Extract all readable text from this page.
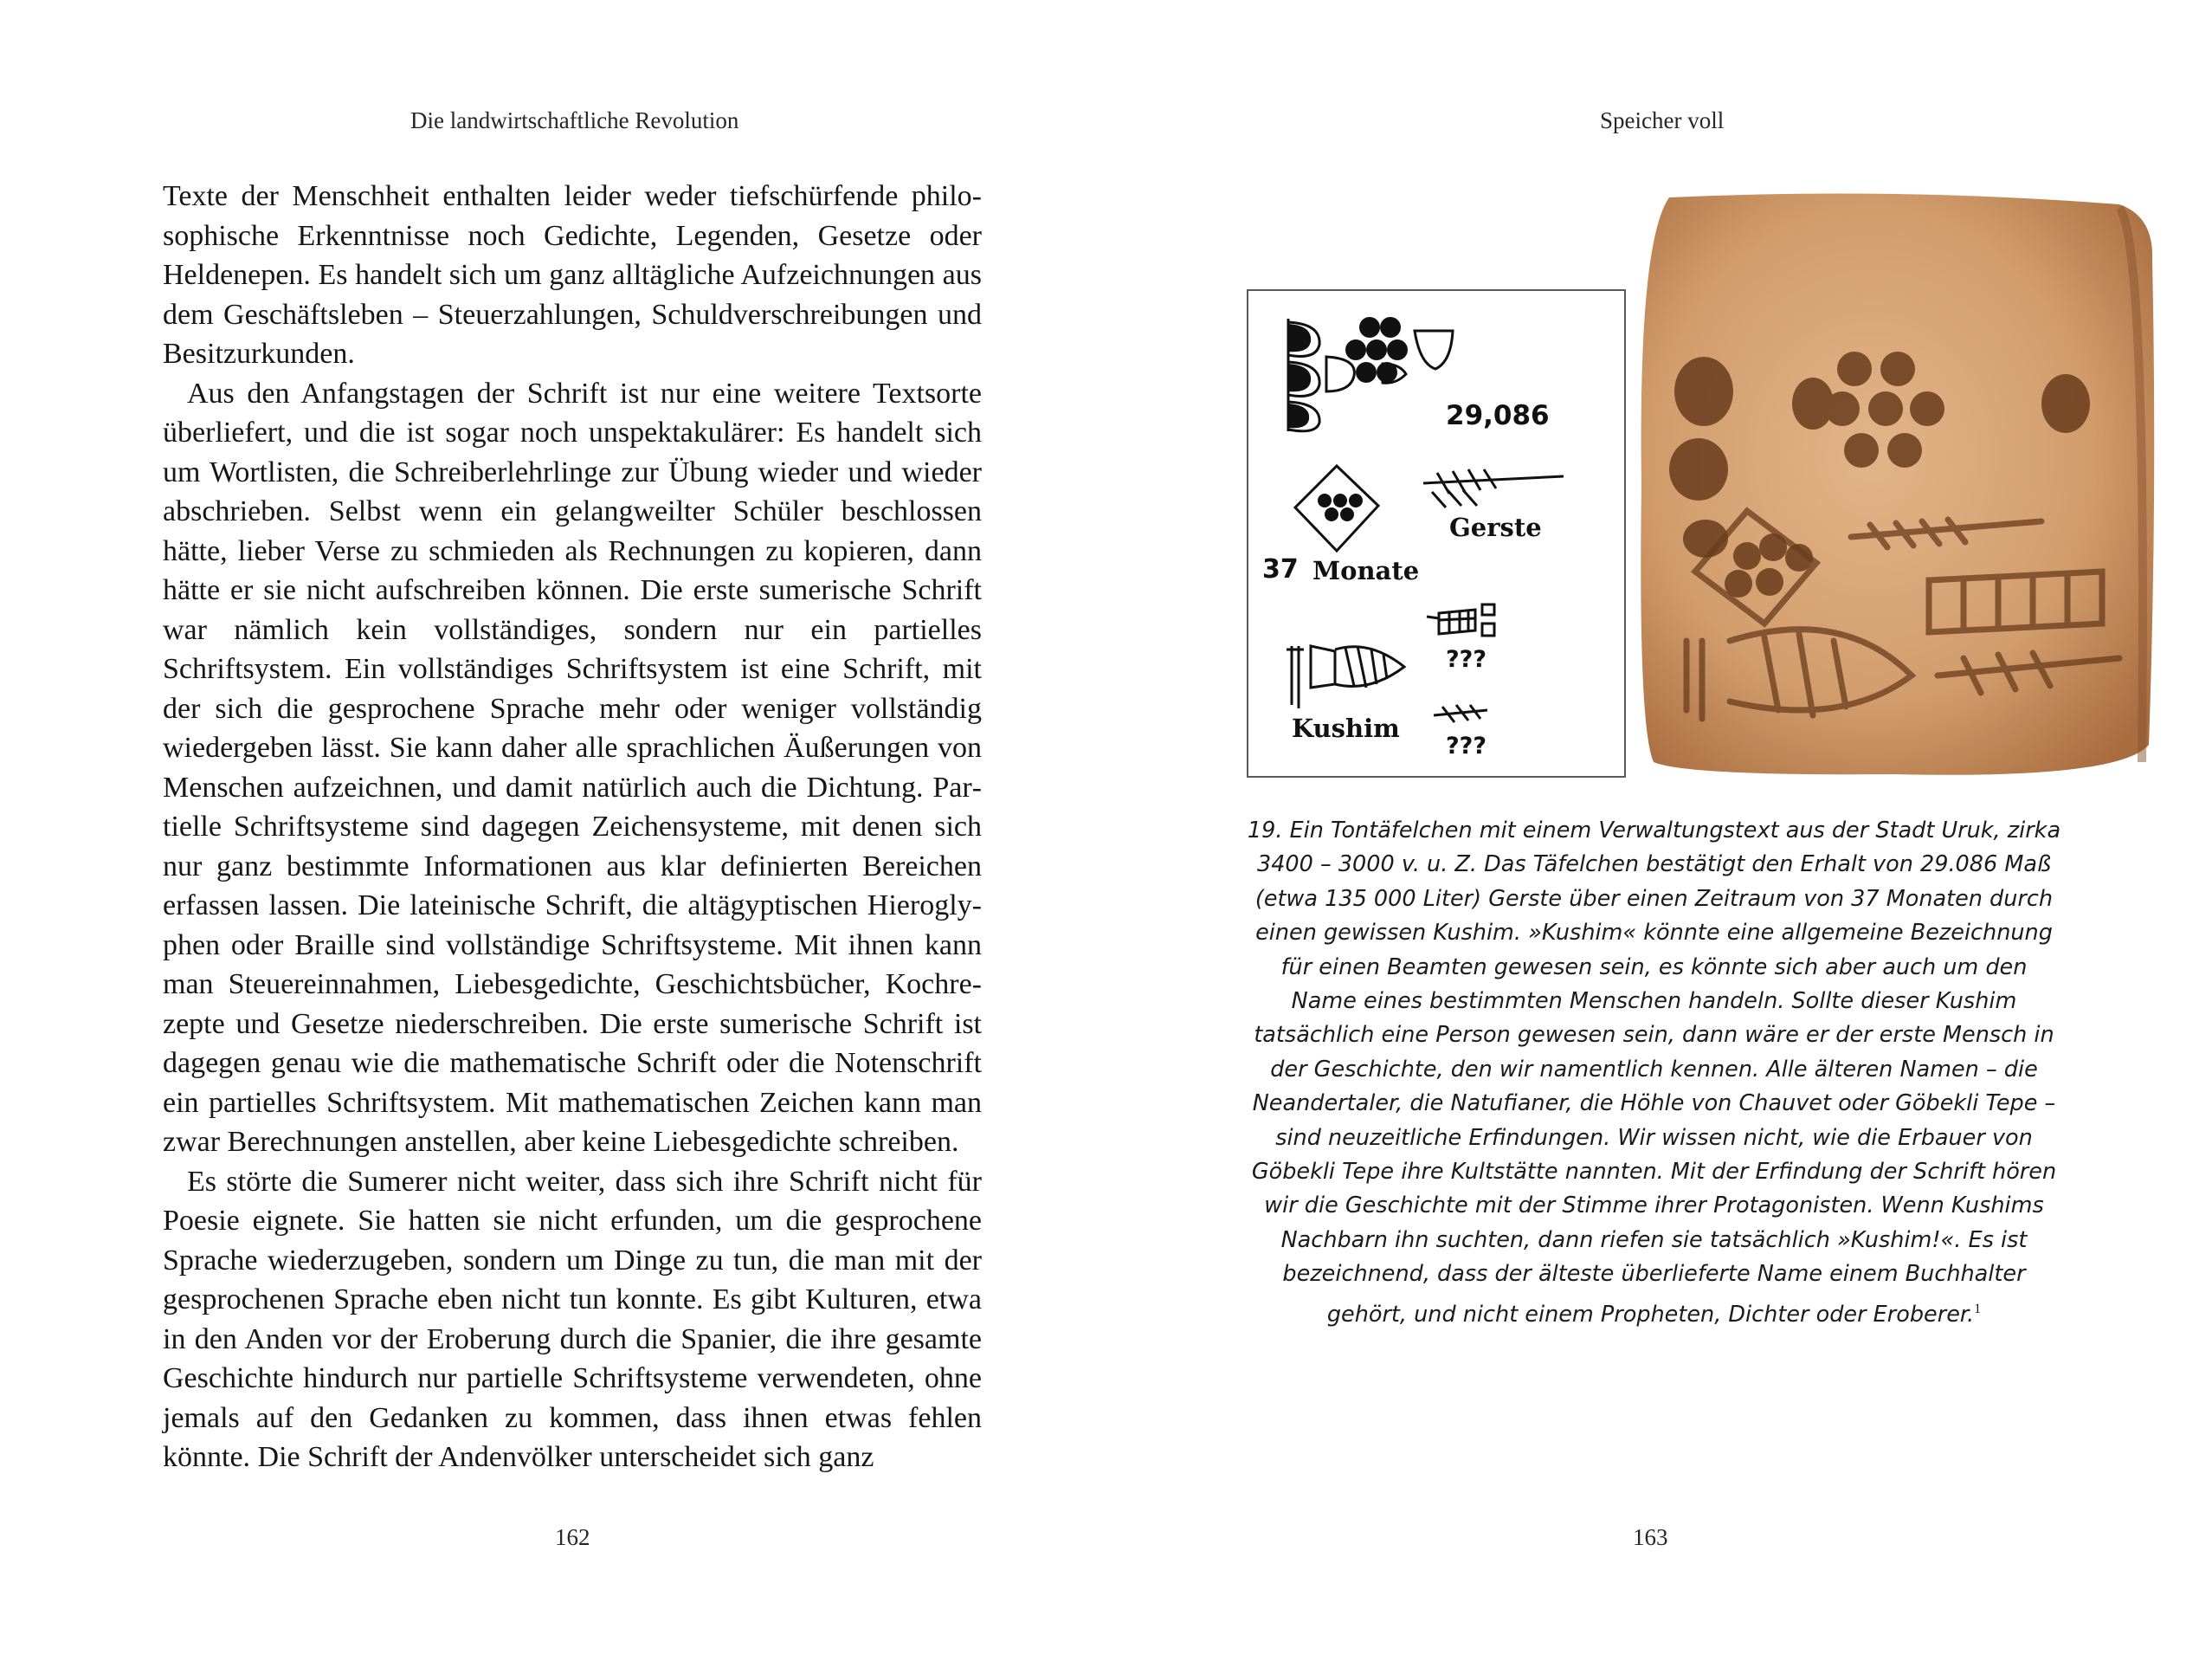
Die landwirtschaftliche Revolution

Texte der Menschheit enthalten leider weder tiefschürfende philosophische Erkenntnisse noch Gedichte, Legenden, Gesetze oder Heldenepen. Es handelt sich um ganz alltägliche Aufzeichnungen aus dem Geschäftsleben – Steuerzahlungen, Schuldverschreibungen und Besitzurkunden.

Aus den Anfangstagen der Schrift ist nur eine weitere Textsorte überliefert, und die ist sogar noch unspektakulärer: Es handelt sich um Wortlisten, die Schreiberlehrlinge zur Übung wieder und wieder abschrieben. Selbst wenn ein gelangweilter Schüler beschlossen hätte, lieber Verse zu schmieden als Rechnungen zu kopieren, dann hätte er sie nicht aufschreiben können. Die erste sumerische Schrift war nämlich kein vollständiges, sondern nur ein partielles Schriftsystem. Ein vollständiges Schriftsystem ist eine Schrift, mit der sich die gesprochene Sprache mehr oder weniger vollständig wiedergeben lässt. Sie kann daher alle sprachlichen Äußerungen von Menschen aufzeichnen, und damit natürlich auch die Dichtung. Partielle Schriftsysteme sind dagegen Zeichensysteme, mit denen sich nur ganz bestimmte Informationen aus klar definierten Bereichen erfassen lassen. Die lateinische Schrift, die altägyptischen Hieroglyphen oder Braille sind vollständige Schriftsysteme. Mit ihnen kann man Steuereinnahmen, Liebesgedichte, Geschichtsbücher, Kochrezepte und Gesetze niederschreiben. Die erste sumerische Schrift ist dagegen genau wie die mathematische Schrift oder die Notenschrift ein partielles Schriftsystem. Mit mathematischen Zeichen kann man zwar Berechnungen anstellen, aber keine Liebesgedichte schreiben.

Es störte die Sumerer nicht weiter, dass sich ihre Schrift nicht für Poesie eignete. Sie hatten sie nicht erfunden, um die gesprochene Sprache wiederzugeben, sondern um Dinge zu tun, die man mit der gesprochenen Sprache eben nicht tun konnte. Es gibt Kulturen, etwa in den Anden vor der Eroberung durch die Spanier, die ihre gesamte Geschichte hindurch nur partielle Schriftsysteme verwendeten, ohne jemals auf den Gedanken zu kommen, dass ihnen etwas fehlen könnte. Die Schrift der Andenvölker unterscheidet sich ganz

162
Speicher voll
29,086
Gerste
37 Monate
Kushim
???
???
19. Ein Tontäfelchen mit einem Verwaltungstext aus der Stadt Uruk, zirka 3400 – 3000 v. u. Z. Das Täfelchen bestätigt den Erhalt von 29.086 Maß (etwa 135 000 Liter) Gerste über einen Zeitraum von 37 Monaten durch einen gewissen Kushim. »Kushim« könnte eine allgemeine Bezeichnung für einen Beamten gewesen sein, es könnte sich aber auch um den Name eines bestimmten Menschen handeln. Sollte dieser Kushim tatsächlich eine Person gewesen sein, dann wäre er der erste Mensch in der Geschichte, den wir namentlich kennen. Alle älteren Namen – die Neandertaler, die Natufianer, die Höhle von Chauvet oder Göbekli Tepe – sind neuzeitliche Erfindungen. Wir wissen nicht, wie die Erbauer von Göbekli Tepe ihre Kultstätte nannten. Mit der Erfindung der Schrift hören wir die Geschichte mit der Stimme ihrer Protagonisten. Wenn Kushims Nachbarn ihn suchten, dann riefen sie tatsächlich »Kushim!«. Es ist bezeichnend, dass der älteste überlieferte Name einem Buchhalter gehört, und nicht einem Propheten, Dichter oder Eroberer.$^1$
163
